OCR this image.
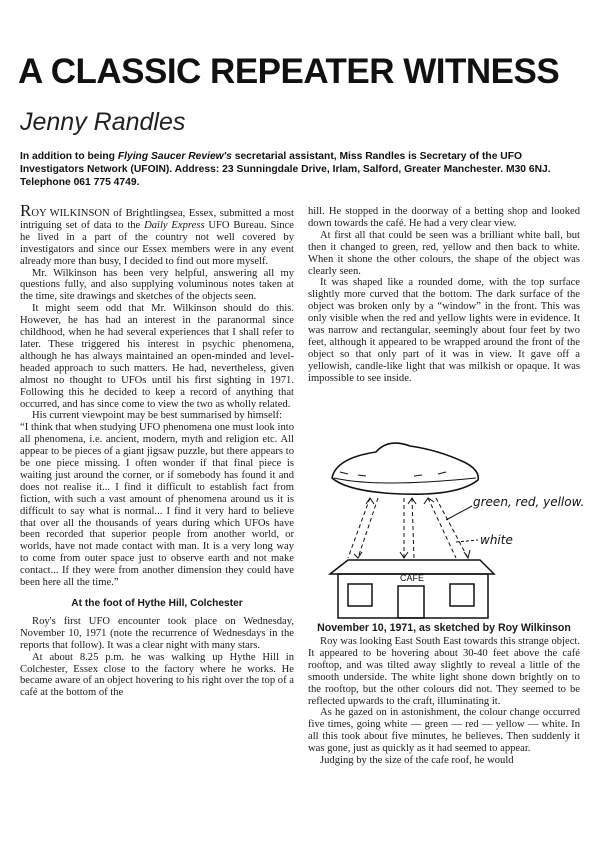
A CLASSIC REPEATER WITNESS
Jenny Randles
In addition to being Flying Saucer Review's secretarial assistant, Miss Randles is Secretary of the UFO Investigators Network (UFOIN). Address: 23 Sunningdale Drive, Irlam, Salford, Greater Manchester. M30 6NJ. Telephone 061 775 4749.

ROY WILKINSON of Brightlingsea, Essex, submitted a most intriguing set of data to the Daily Express UFO Bureau. Since he lived in a part of the country not well covered by investigators and since our Essex members were in any event already more than busy, I decided to find out more myself.

Mr. Wilkinson has been very helpful, answering all my questions fully, and also supplying voluminous notes taken at the time, site drawings and sketches of the objects seen.

It might seem odd that Mr. Wilkinson should do this. However, he has had an interest in the paranormal since childhood, when he had several experiences that I shall refer to later. These triggered his interest in psychic phenomena, although he has always maintained an open-minded and level-headed approach to such matters. He had, nevertheless, given almost no thought to UFOs until his first sighting in 1971. Following this he decided to keep a record of anything that occurred, and has since come to view the two as wholly related.

His current viewpoint may be best summarised by himself:

“I think that when studying UFO phenomena one must look into all phenomena, i.e. ancient, modern, myth and religion etc. All appear to be pieces of a giant jigsaw puzzle, but there appears to be one piece missing. I often wonder if that final piece is waiting just around the corner, or if somebody has found it and does not realise it... I find it difficult to establish fact from fiction, with such a vast amount of phenomena around us it is difficult to say what is normal... I find it very hard to believe that over all the thousands of years during which UFOs have been recorded that superior people from another world, or worlds, have not made contact with man. It is a very long way to come from outer space just to observe earth and not make contact... If they were from another dimension they could have been here all the time.”

At the foot of Hythe Hill, Colchester

Roy's first UFO encounter took place on Wednesday, November 10, 1971 (note the recurrence of Wednesdays in the reports that follow). It was a clear night with many stars.

At about 8.25 p.m. he was walking up Hythe Hill in Colchester, Essex close to the factory where he works. He became aware of an object hovering to his right over the top of a café at the bottom of the

hill. He stopped in the doorway of a betting shop and looked down towards the café. He had a very clear view.

At first all that could be seen was a brilliant white ball, but then it changed to green, red, yellow and then back to white. When it shone the other colours, the shape of the object was clearly seen.

It was shaped like a rounded dome, with the top surface slightly more curved that the bottom. The dark surface of the object was broken only by a “window” in the front. This was only visible when the red and yellow lights were in evidence. It was narrow and rectangular, seemingly about four feet by two feet, although it appeared to be wrapped around the front of the object so that only part of it was in view. It gave off a yellowish, candle-like light that was milkish or opaque. It was impossible to see inside.

green, red, yellow.
white
CAFÉ
November 10, 1971, as sketched by Roy Wilkinson

Roy was looking East South East towards this strange object. It appeared to be hovering about 30-40 feet above the café rooftop, and was tilted away slightly to reveal a little of the smooth underside. The white light shone down brightly on to the rooftop, but the other colours did not. They seemed to be reflected upwards to the craft, illuminating it.

As he gazed on in astonishment, the colour change occurred five times, going white — green — red — yellow — white. In all this took about five minutes, he believes. Then suddenly it was gone, just as quickly as it had seemed to appear.

Judging by the size of the cafe roof, he would
